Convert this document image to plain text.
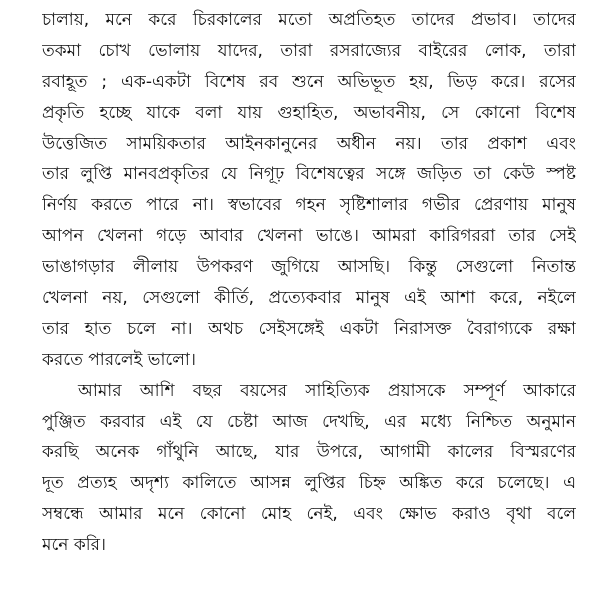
চালায়, মনে করে চিরকালের মতো অপ্রতিহত তাদের প্রভাব। তাদের
তকমা চোখ ভোলায় যাদের, তারা রসরাজ্যের বাইরের লোক, তারা
রবাহূত ; এক-একটা বিশেষ রব শুনে অভিভূত হয়, ভিড় করে। রসের
প্রকৃতি হচ্ছে যাকে বলা যায় গুহাহিত, অভাবনীয়, সে কোনো বিশেষ
উত্তেজিত সাময়িকতার আইনকানুনের অধীন নয়। তার প্রকাশ এবং
তার লুপ্তি মানবপ্রকৃতির যে নিগূঢ় বিশেষত্বের সঙ্গে জড়িত তা কেউ স্পষ্ট
নির্ণয় করতে পারে না। স্বভাবের গহন সৃষ্টিশালার গভীর প্রেরণায় মানুষ
আপন খেলনা গড়ে আবার খেলনা ভাঙে। আমরা কারিগররা তার সেই
ভাঙাগড়ার লীলায় উপকরণ জুগিয়ে আসছি। কিন্তু সেগুলো নিতান্ত
খেলনা নয়, সেগুলো কীর্তি, প্রত্যেকবার মানুষ এই আশা করে, নইলে
তার হাত চলে না। অথচ সেইসঙ্গেই একটা নিরাসক্ত বৈরাগ্যকে রক্ষা
করতে পারলেই ভালো।
আমার আশি বছর বয়সের সাহিত্যিক প্রয়াসকে সম্পূর্ণ আকারে
পুঞ্জিত করবার এই যে চেষ্টা আজ দেখছি, এর মধ্যে নিশ্চিত অনুমান
করছি অনেক গাঁথুনি আছে, যার উপরে, আগামী কালের বিস্মরণের
দূত প্রত্যহ অদৃশ্য কালিতে আসন্ন লুপ্তির চিহ্ন অঙ্কিত করে চলেছে। এ
সম্বন্ধে আমার মনে কোনো মোহ নেই, এবং ক্ষোভ করাও বৃথা বলে
মনে করি।
